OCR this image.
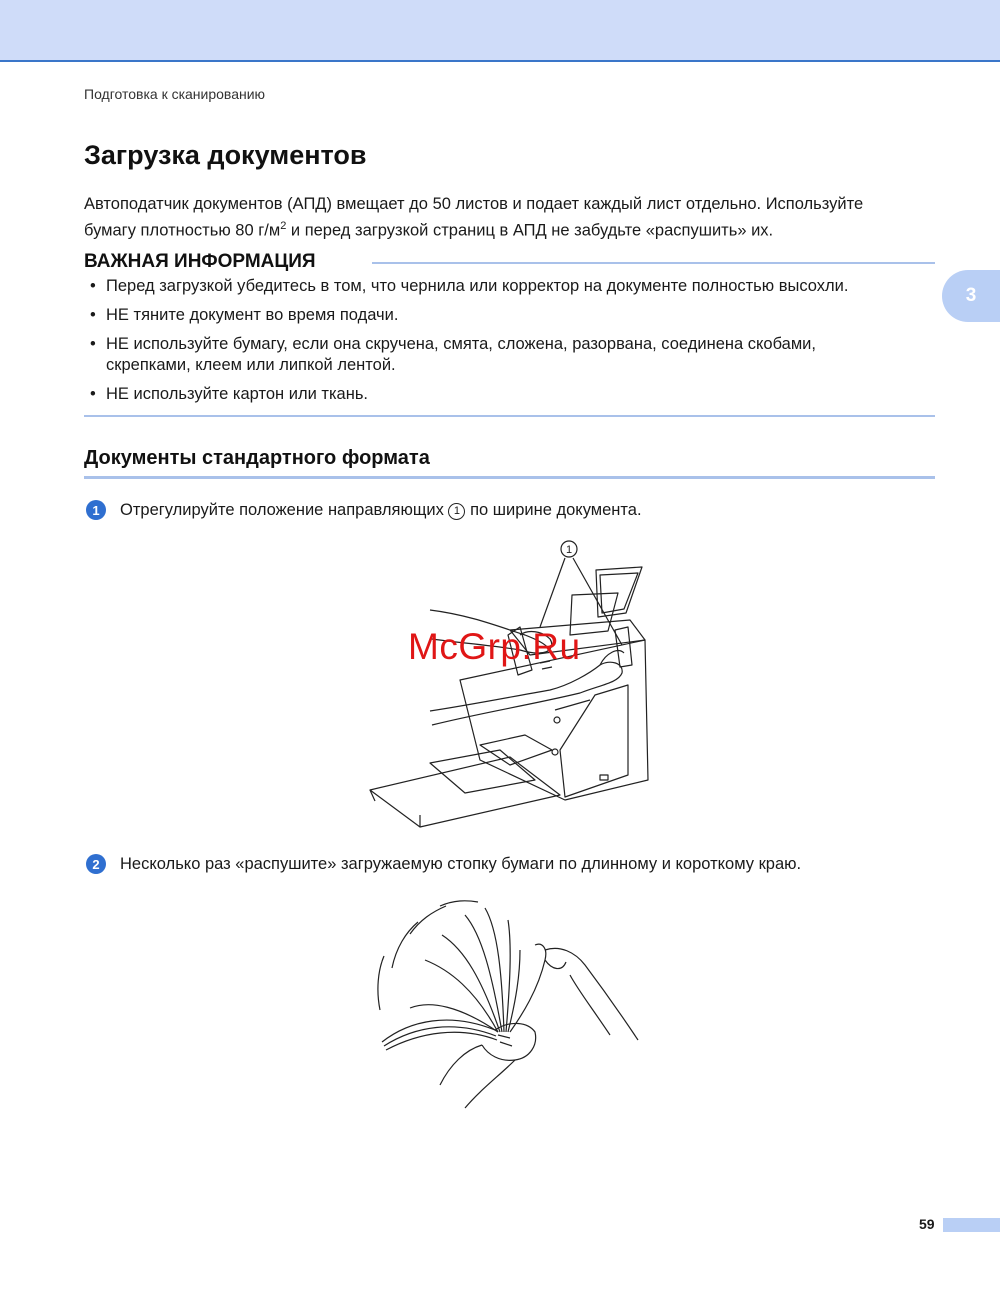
Подготовка к сканированию
Загрузка документов

Автоподатчик документов (АПД) вмещает до 50 листов и подает каждый лист отдельно. Используйте
бумагу плотностью 80 $г/м^2$ и перед загрузкой страниц в АПД не забудьте «распушить» их.

ВАЖНАЯ ИНФОРМАЦИЯ
3
• Перед загрузкой убедитесь в том, что чернила или корректор на документе полностью высохли.
• НЕ тяните документ во время подачи.
• НЕ используйте бумагу, если она скручена, смята, сложена, разорвана, соединена скобами, скрепками, клеем или липкой лентой.
• НЕ используйте картон или ткань.
Документы стандартного формата
1	Отрегулируйте положение направляющих 1 по ширине документа.
1
McGrp.Ru
2	Несколько раз «распушите» загружаемую стопку бумаги по длинному и короткому краю.
59
